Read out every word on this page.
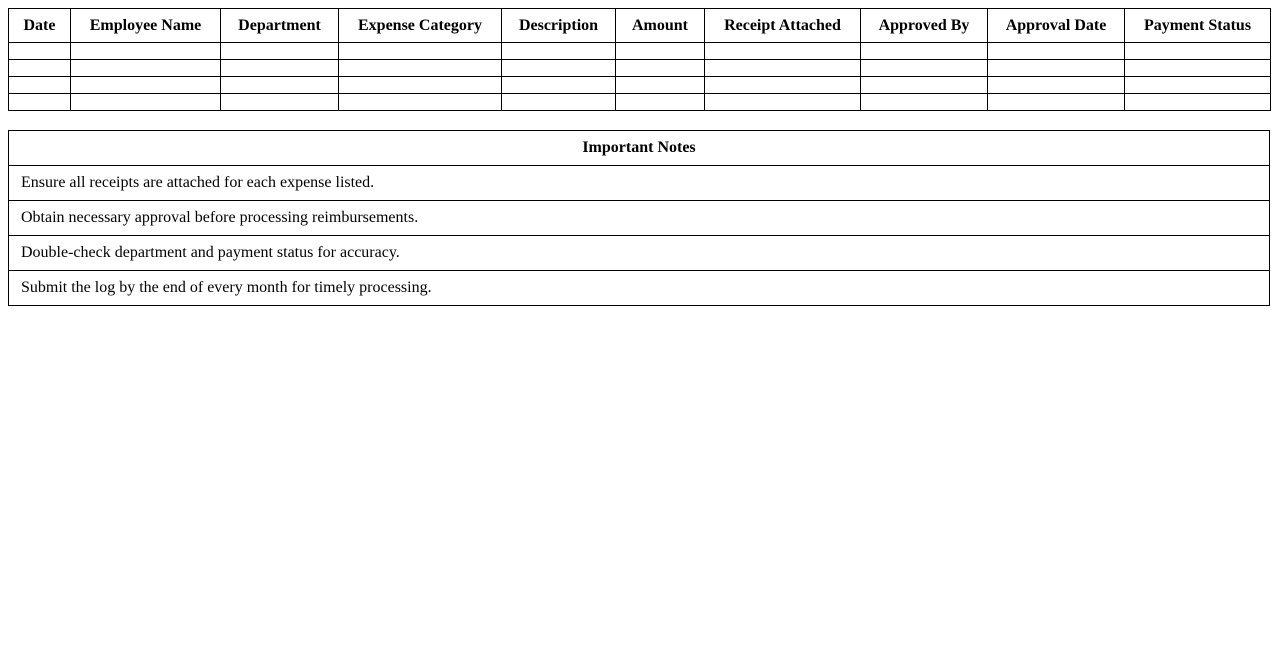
Date	Employee Name	Department	Expense Category	Description	Amount	Receipt Attached	Approved By	Approval Date	Payment Status

Important Notes
Ensure all receipts are attached for each expense listed.
Obtain necessary approval before processing reimbursements.
Double-check department and payment status for accuracy.
Submit the log by the end of every month for timely processing.
